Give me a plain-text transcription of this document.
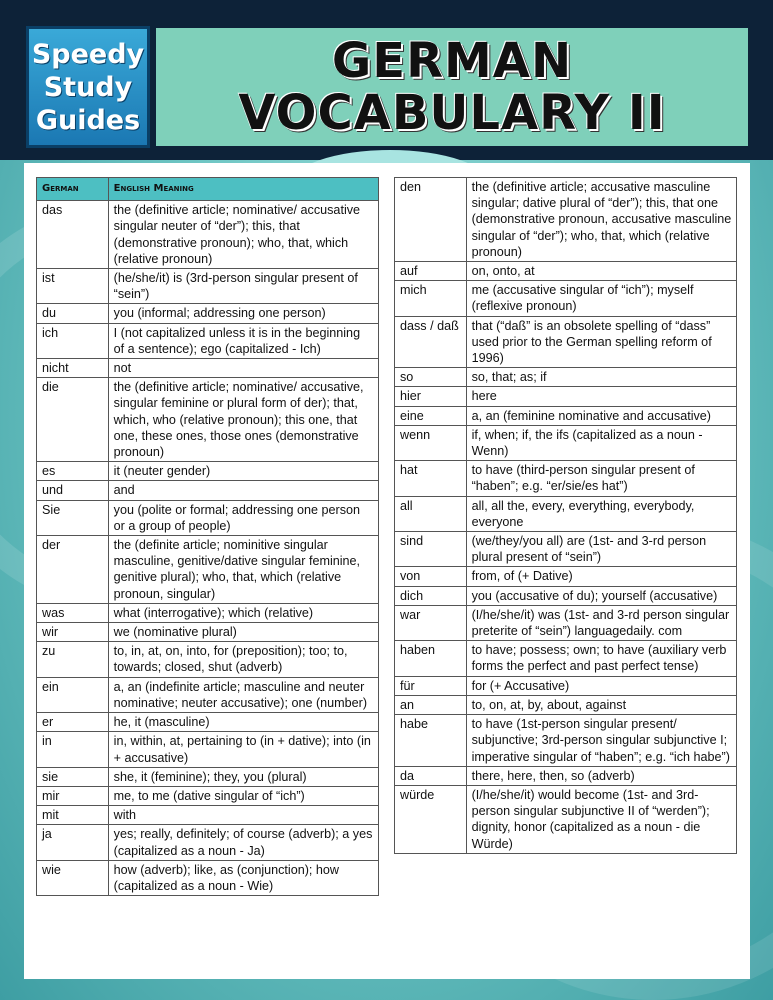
Speedy
Study
Guides
GERMAN
VOCABULARY II
German	English Meaning
das	the (definitive article; nominative/ accusative singular neuter of “der”); this, that (demonstrative pronoun); who, that, which (relative pronoun)
ist	(he/she/it) is (3rd-person singular present of “sein”)
du	you (informal; addressing one person)
ich	I (not capitalized unless it is in the beginning of a sentence); ego (capitalized - Ich)
nicht	not
die	the (definitive article; nominative/ accusative, singular feminine or plural form of der); that, which, who (relative pronoun); this one, that one, these ones, those ones (demonstrative pronoun)
es	it (neuter gender)
und	and
Sie	you (polite or formal; addressing one person or a group of people)
der	the (definite article; nominitive singular masculine, genitive/dative singular feminine, genitive plural); who, that, which (relative pronoun, singular)
was	what (interrogative); which (relative)
wir	we (nominative plural)
zu	to, in, at, on, into, for (preposition); too; to, towards; closed, shut (adverb)
ein	a, an (indefinite article; masculine and neuter nominative; neuter accusative); one (number)
er	he, it (masculine)
in	in, within, at, pertaining to (in + dative); into (in + accusative)
sie	she, it (feminine); they, you (plural)
mir	me, to me (dative singular of “ich”)
mit	with
ja	yes; really, definitely; of course (adverb); a yes (capitalized as a noun - Ja)
wie	how (adverb); like, as (conjunction); how (capitalized as a noun - Wie)
den	the (definitive article; accusative masculine singular; dative plural of “der”); this, that one (demonstrative pronoun, accusative masculine singular of “der”); who, that, which (relative pronoun)
auf	on, onto, at
mich	me (accusative singular of “ich”); myself (reflexive pronoun)
dass / daß	that (“daß” is an obsolete spelling of “dass” used prior to the German spelling reform of 1996)
so	so, that; as; if
hier	here
eine	a, an (feminine nominative and accusative)
wenn	if, when; if, the ifs (capitalized as a noun - Wenn)
hat	to have (third-person singular present of “haben”; e.g. “er/sie/es hat”)
all	all, all the, every, everything, everybody, everyone
sind	(we/they/you all) are (1st- and 3-rd person plural present of “sein”)
von	from, of (+ Dative)
dich	you (accusative of du); yourself (accusative)
war	(I/he/she/it) was (1st- and 3-rd person singular preterite of “sein”) languagedaily. com
haben	to have; possess; own; to have (auxiliary verb forms the perfect and past perfect tense)
für	for (+ Accusative)
an	to, on, at, by, about, against
habe	to have (1st-person singular present/ subjunctive; 3rd-person singular subjunctive I; imperative singular of “haben”; e.g. “ich habe”)
da	there, here, then, so (adverb)
würde	(I/he/she/it) would become (1st- and 3rd-person singular subjunctive II of “werden”); dignity, honor (capitalized as a noun - die Würde)
